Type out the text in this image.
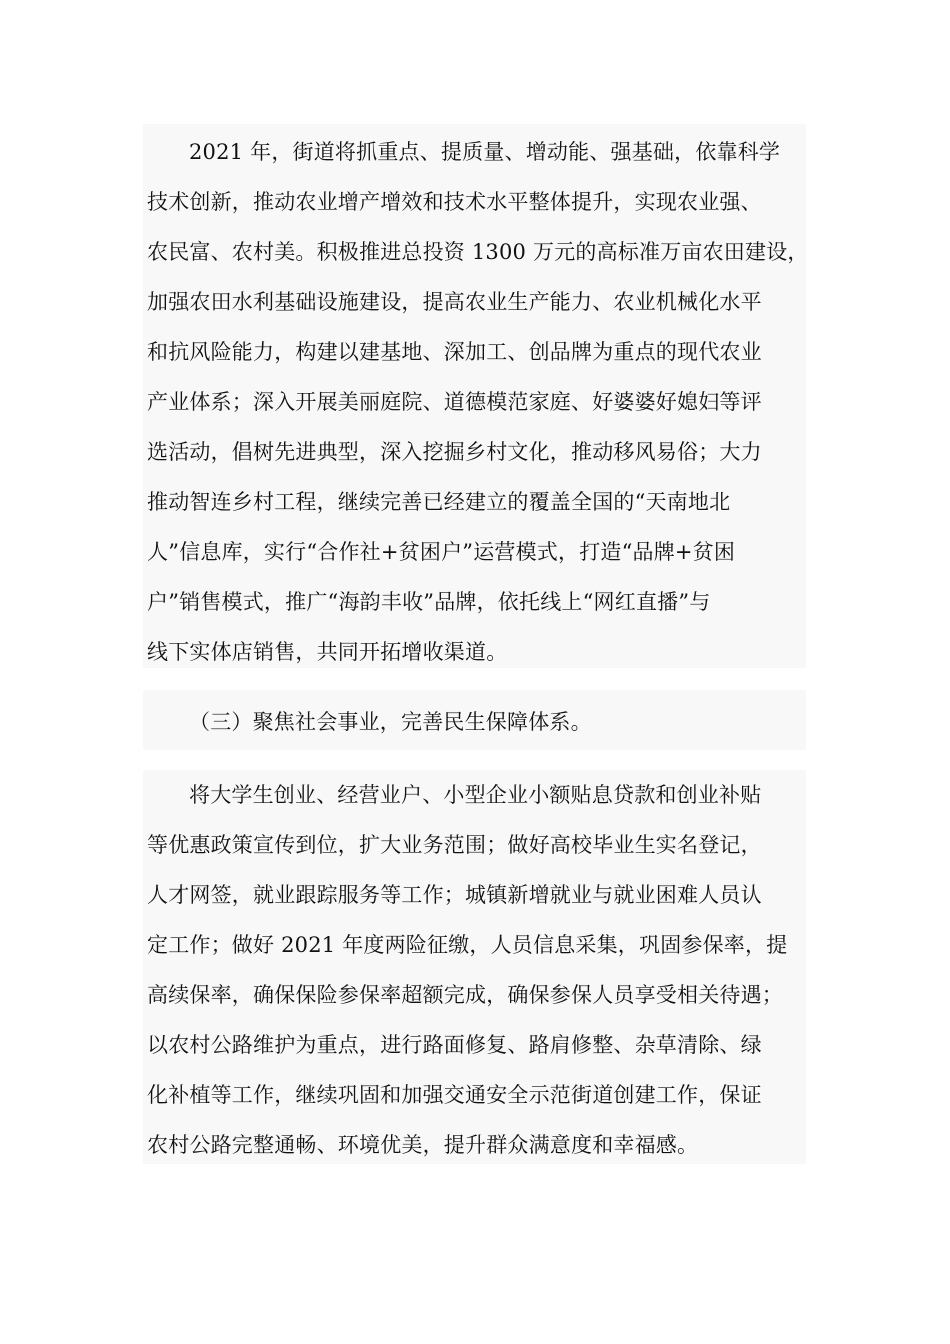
2021 年，街道将抓重点、提质量、增动能、强基础，依靠科学
技术创新，推动农业增产增效和技术水平整体提升，实现农业强、
农民富、农村美。积极推进总投资 1300 万元的高标准万亩农田建设，
加强农田水利基础设施建设，提高农业生产能力、农业机械化水平
和抗风险能力，构建以建基地、深加工、创品牌为重点的现代农业
产业体系；深入开展美丽庭院、道德模范家庭、好婆婆好媳妇等评
选活动，倡树先进典型，深入挖掘乡村文化，推动移风易俗；大力
推动智连乡村工程，继续完善已经建立的覆盖全国的“天南地北
人”信息库，实行“合作社+贫困户”运营模式，打造“品牌+贫困
户”销售模式，推广“海韵丰收”品牌，依托线上“网红直播”与
线下实体店销售，共同开拓增收渠道。
（三）聚焦社会事业，完善民生保障体系。
将大学生创业、经营业户、小型企业小额贴息贷款和创业补贴
等优惠政策宣传到位，扩大业务范围；做好高校毕业生实名登记，
人才网签，就业跟踪服务等工作；城镇新增就业与就业困难人员认
定工作；做好 2021 年度两险征缴，人员信息采集，巩固参保率，提
高续保率，确保保险参保率超额完成，确保参保人员享受相关待遇；
以农村公路维护为重点，进行路面修复、路肩修整、杂草清除、绿
化补植等工作，继续巩固和加强交通安全示范街道创建工作，保证
农村公路完整通畅、环境优美，提升群众满意度和幸福感。
